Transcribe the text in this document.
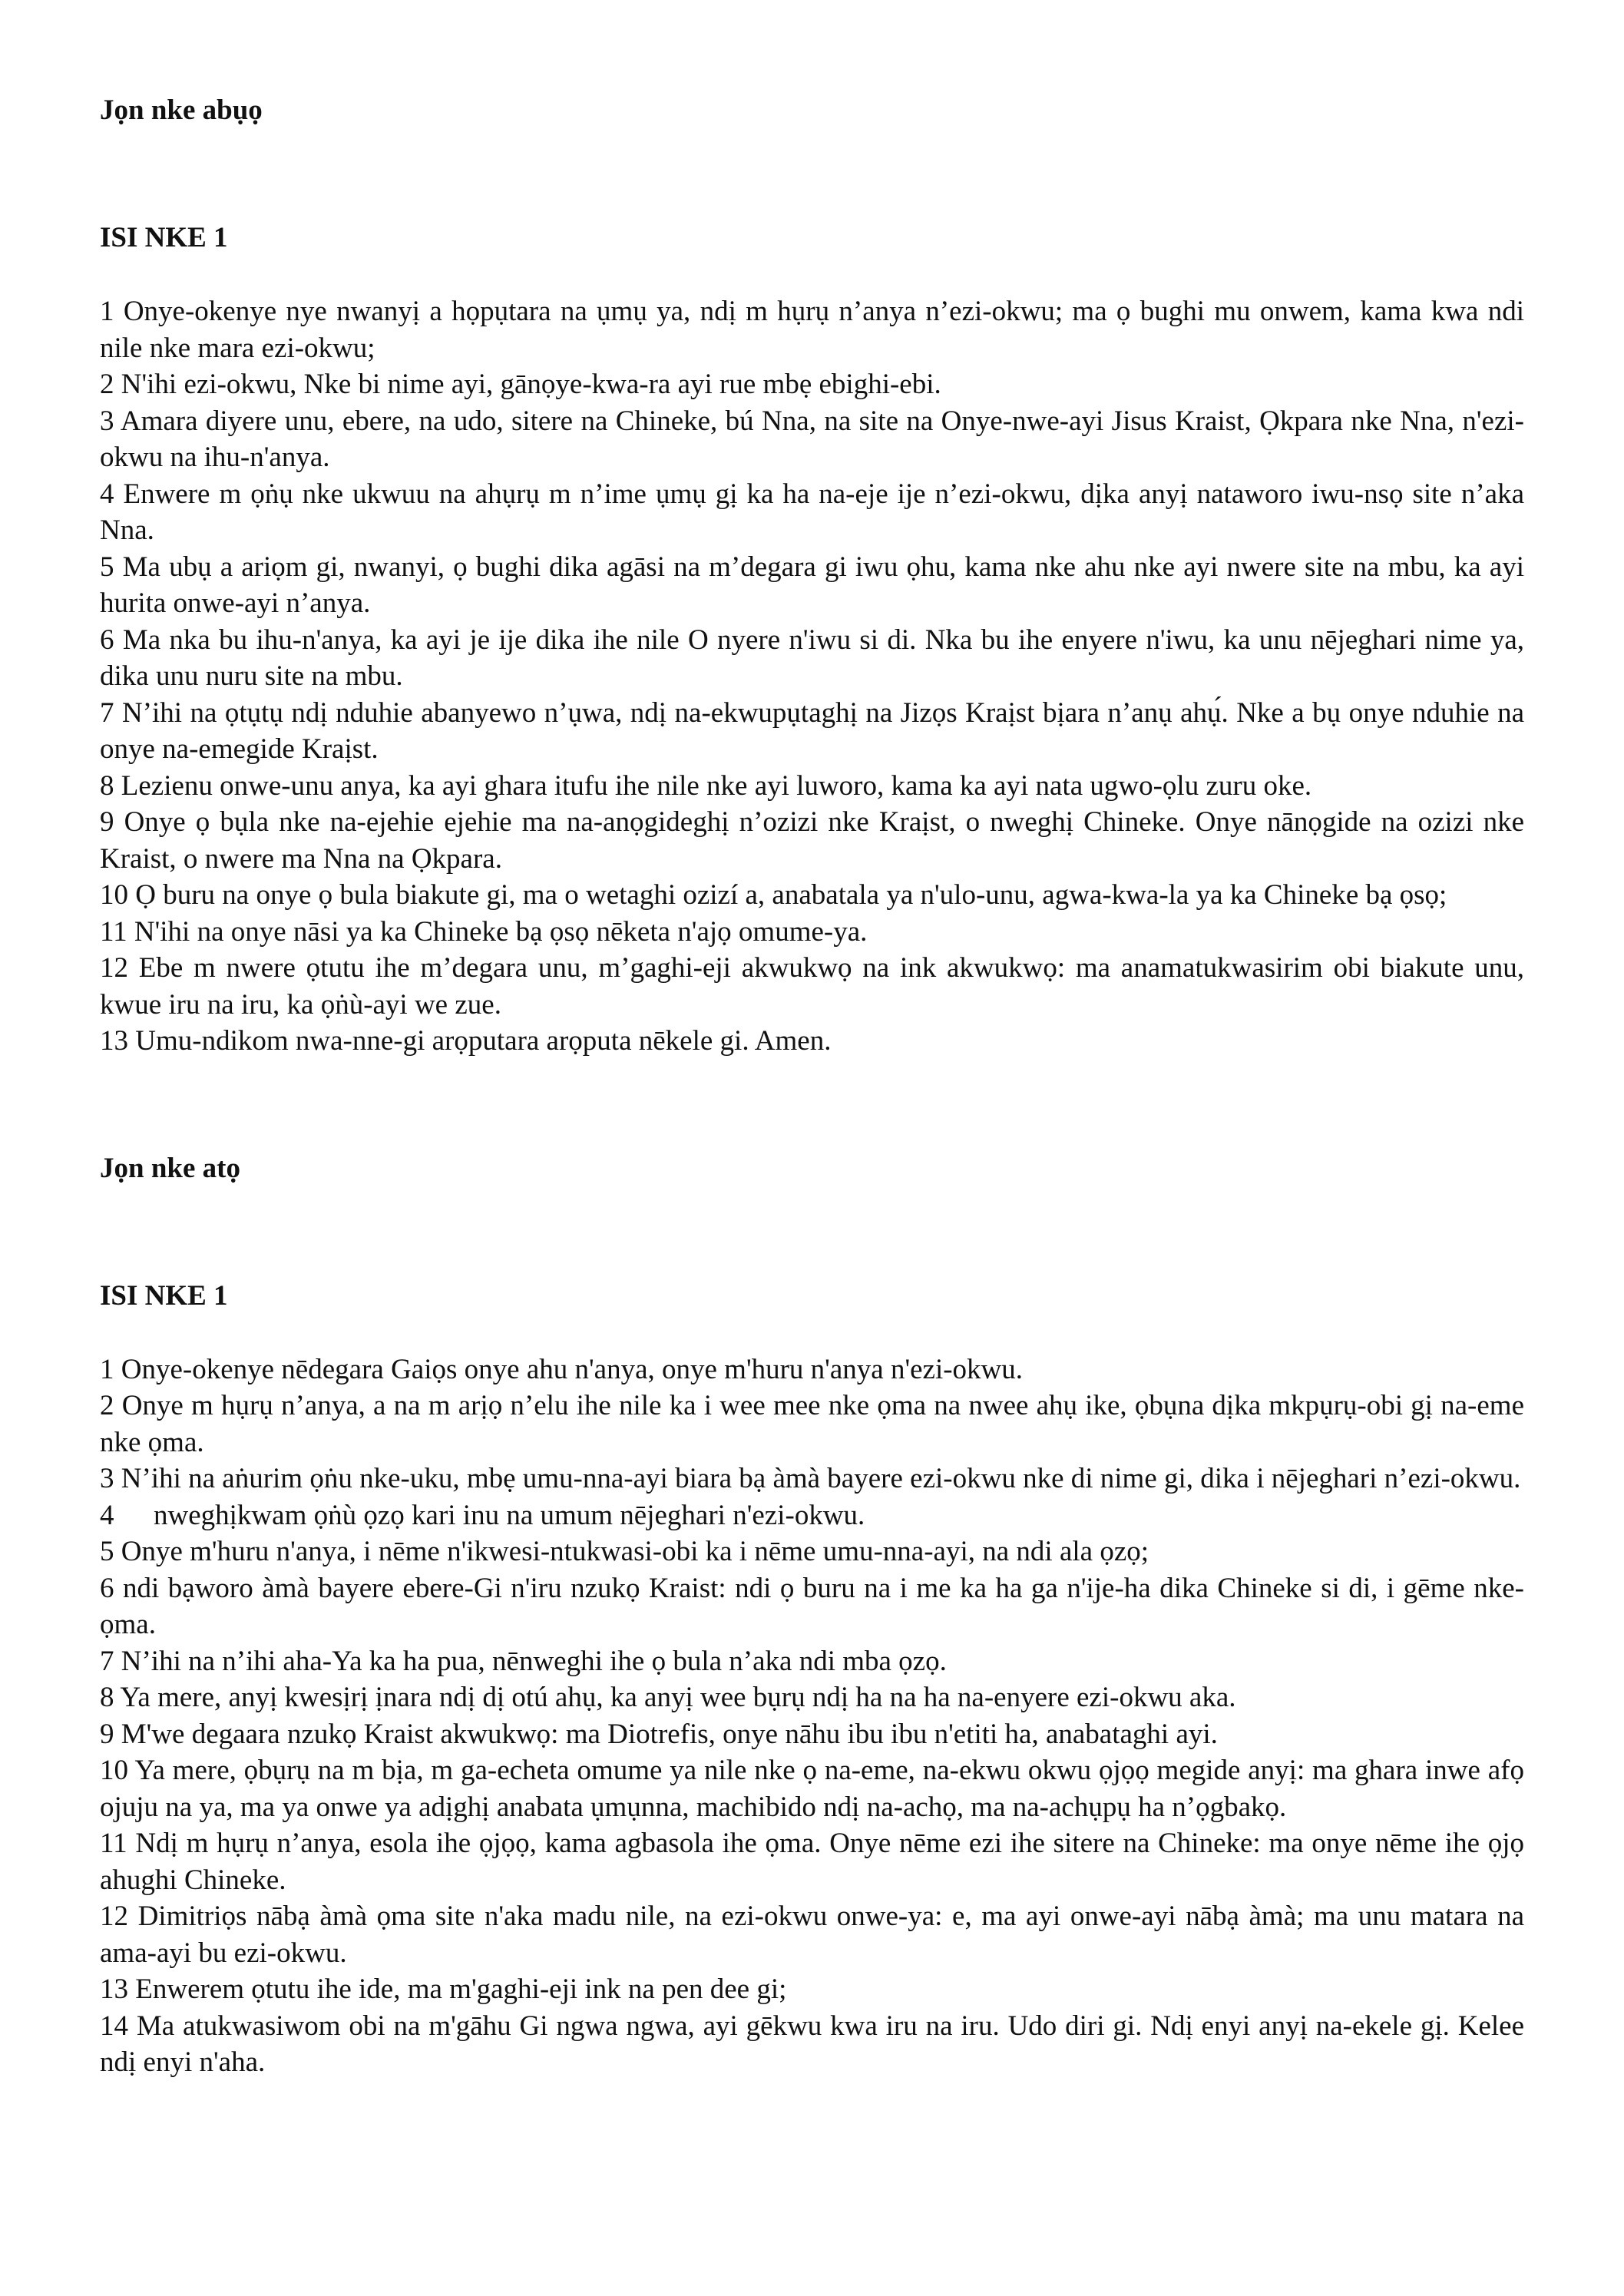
Jọn nke abụọ

ISI NKE 1

1 Onye-okenye nye nwanyị a họpụtara na ụmụ ya, ndị m hụrụ n’anya n’ezi-okwu; ma ọ bughi mu onwem, kama kwa ndi nile nke mara ezi-okwu;

2 N'ihi ezi-okwu, Nke bi nime ayi, gānọye-kwa-ra ayi rue mbẹ ebighi-ebi.

3 Amara diyere unu, ebere, na udo, sitere na Chineke, bú Nna, na site na Onye-nwe-ayi Jisus Kraist, Ọkpara nke Nna, n'ezi-okwu na ihu-n'anya.

4 Enwere m ọṅụ nke ukwuu na ahụrụ m n’ime ụmụ gị ka ha na-eje ije n’ezi-okwu, dịka anyị nataworo iwu-nsọ site n’aka Nna.

5 Ma ubụ a ariọm gi, nwanyi, ọ bughi dika agāsi na m’degara gi iwu ọhu, kama nke ahu nke ayi nwere site na mbu, ka ayi hurita onwe-ayi n’anya.

6 Ma nka bu ihu-n'anya, ka ayi je ije dika ihe nile O nyere n'iwu si di. Nka bu ihe enyere n'iwu, ka unu nējeghari nime ya, dika unu nuru site na mbu.

7 N’ihi na ọtụtụ ndị nduhie abanyewo n’ụwa, ndị na-ekwupụtaghị na Jizọs Kraịst bịara n’anụ ahụ́. Nke a bụ onye nduhie na onye na-emegide Kraịst.

8 Lezienu onwe-unu anya, ka ayi ghara itufu ihe nile nke ayi luworo, kama ka ayi nata ugwo-ọlu zuru oke.

9 Onye ọ bụla nke na-ejehie ejehie ma na-anọgideghị n’ozizi nke Kraịst, o nweghị Chineke. Onye nānọgide na ozizi nke Kraist, o nwere ma Nna na Ọkpara.

10 Ọ buru na onye ọ bula biakute gi, ma o wetaghi ozizí a, anabatala ya n'ulo-unu, agwa-kwa-la ya ka Chineke bạ ọsọ;

11 N'ihi na onye nāsi ya ka Chineke bạ ọsọ nēketa n'ajọ omume-ya.

12 Ebe m nwere ọtutu ihe m’degara unu, m’gaghi-eji akwukwọ na ink akwukwọ: ma anamatukwasirim obi biakute unu, kwue iru na iru, ka ọṅù-ayi we zue.

13 Umu-ndikom nwa-nne-gi arọputara arọputa nēkele gi. Amen.

Jọn nke atọ

ISI NKE 1

1 Onye-okenye nēdegara Gaiọs onye ahu n'anya, onye m'huru n'anya n'ezi-okwu.

2 Onye m hụrụ n’anya, a na m arịọ n’elu ihe nile ka i wee mee nke ọma na nwee ahụ ike, ọbụna dịka mkpụrụ-obi gị na-eme nke ọma.

3 N’ihi na aṅurim ọṅu nke-uku, mbẹ umu-nna-ayi biara bạ àmà bayere ezi-okwu nke di nime gi, dika i nējeghari n’ezi-okwu.

4 nweghịkwam ọṅù ọzọ kari inu na umum nējeghari n'ezi-okwu.

5 Onye m'huru n'anya, i nēme n'ikwesi-ntukwasi-obi ka i nēme umu-nna-ayi, na ndi ala ọzọ;

6 ndi bạworo àmà bayere ebere-Gi n'iru nzukọ Kraist: ndi ọ buru na i me ka ha ga n'ije-ha dika Chineke si di, i gēme nke-ọma.

7 N’ihi na n’ihi aha-Ya ka ha pua, nēnweghi ihe ọ bula n’aka ndi mba ọzọ.

8 Ya mere, anyị kwesịrị ịnara ndị dị otú ahụ, ka anyị wee bụrụ ndị ha na ha na-enyere ezi-okwu aka.

9 M'we degaara nzukọ Kraist akwukwọ: ma Diotrefis, onye nāhu ibu ibu n'etiti ha, anabataghi ayi.

10 Ya mere, ọbụrụ na m bịa, m ga-echeta omume ya nile nke ọ na-eme, na-ekwu okwu ọjọọ megide anyị: ma ghara inwe afọ ojuju na ya, ma ya onwe ya adịghị anabata ụmụnna, machibido ndị na-achọ, ma na-achụpụ ha n’ọgbakọ.

11 Ndị m hụrụ n’anya, esola ihe ọjọọ, kama agbasola ihe ọma. Onye nēme ezi ihe sitere na Chineke: ma onye nēme ihe ọjọ ahughi Chineke.

12 Dimitriọs nābạ àmà ọma site n'aka madu nile, na ezi-okwu onwe-ya: e, ma ayi onwe-ayi nābạ àmà; ma unu matara na ama-ayi bu ezi-okwu.

13 Enwerem ọtutu ihe ide, ma m'gaghi-eji ink na pen dee gi;

14 Ma atukwasiwom obi na m'gāhu Gi ngwa ngwa, ayi gēkwu kwa iru na iru. Udo diri gi. Ndị enyi anyị na-ekele gị. Kelee ndị enyi n'aha.
